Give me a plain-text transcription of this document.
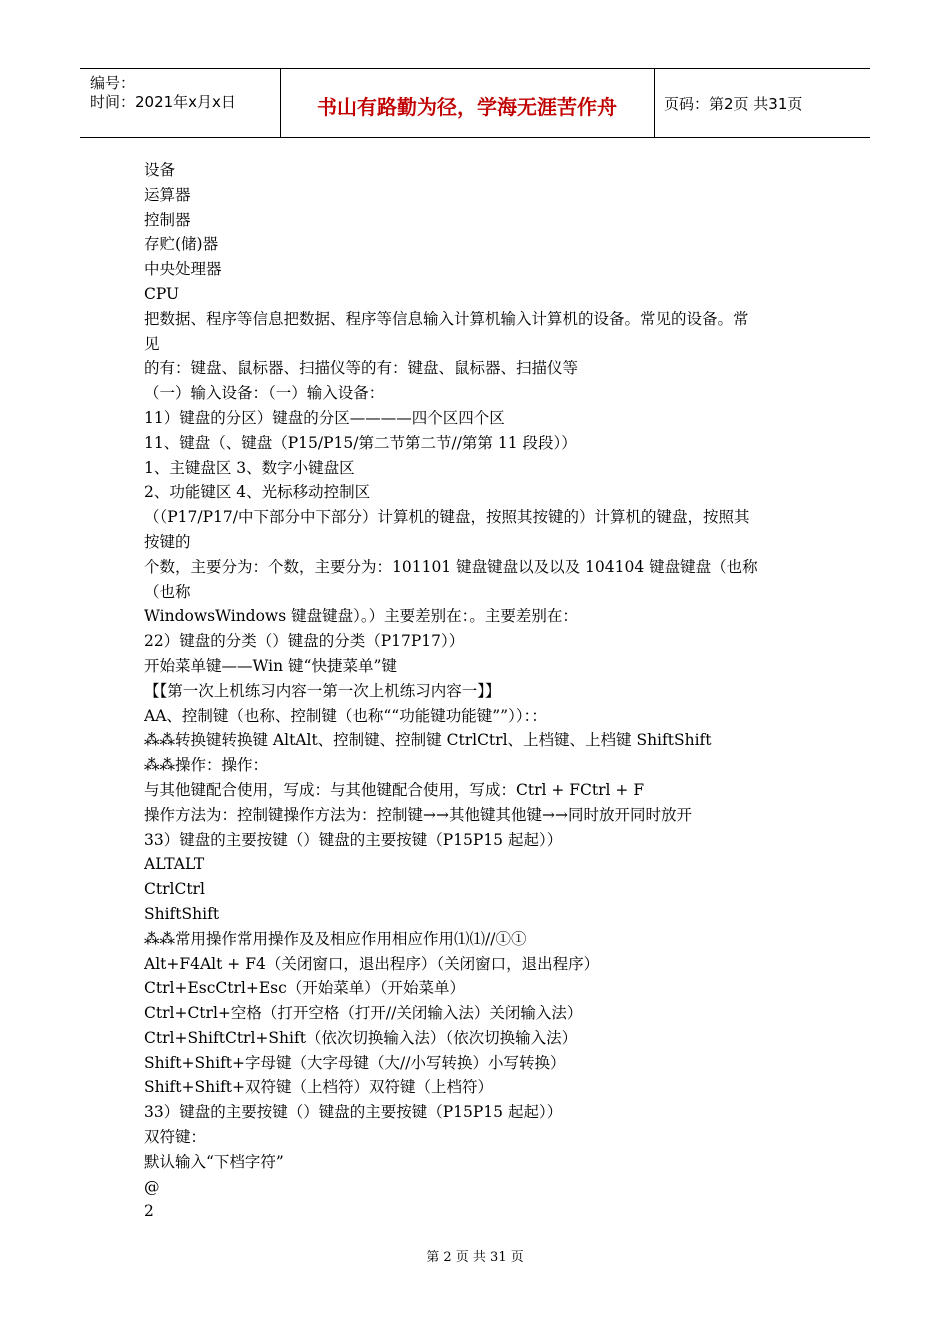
编号：
时间：2021年x月x日	书山有路勤为径，学海无涯苦作舟	页码：第2页 共31页
设备
运算器
控制器
存贮(储)器
中央处理器
CPU
把数据、程序等信息把数据、程序等信息输入计算机输入计算机的设备。常见的设备。常
见
的有：键盘、鼠标器、扫描仪等的有：键盘、鼠标器、扫描仪等
（一）输入设备：（一）输入设备：
11）键盘的分区）键盘的分区————四个区四个区
11、键盘（、键盘（P15/P15/第二节第二节//第第 11 段段））
1、主键盘区 3、数字小键盘区
2、功能键区 4、光标移动控制区
（（P17/P17/中下部分中下部分）计算机的键盘，按照其按键的）计算机的键盘，按照其
按键的
个数，主要分为：个数，主要分为：101101 键盘键盘以及以及 104104 键盘键盘（也称
（也称
WindowsWindows 键盘键盘）。）主要差别在：。主要差别在：
22）键盘的分类（）键盘的分类（P17P17））
开始菜单键——Win 键“快捷菜单”键
【【第一次上机练习内容一第一次上机练习内容一】】
AA、控制键（也称、控制键（也称““功能键功能键””））：：
⁂⁂转换键转换键 AltAlt、控制键、控制键 CtrlCtrl、上档键、上档键 ShiftShift
⁂⁂操作：操作：
与其他键配合使用，写成：与其他键配合使用，写成：Ctrl + FCtrl + F
操作方法为：控制键操作方法为：控制键→→其他键其他键→→同时放开同时放开
33）键盘的主要按键（）键盘的主要按键（P15P15 起起））
ALTALT
CtrlCtrl
ShiftShift
⁂⁂常用操作常用操作及及相应作用相应作用⑴⑴//①①
Alt+F4Alt + F4（关闭窗口，退出程序）（关闭窗口，退出程序）
Ctrl+EscCtrl+Esc（开始菜单）（开始菜单）
Ctrl+Ctrl+空格（打开空格（打开//关闭输入法）关闭输入法）
Ctrl+ShiftCtrl+Shift（依次切换输入法）（依次切换输入法）
Shift+Shift+字母键（大字母键（大//小写转换）小写转换）
Shift+Shift+双符键（上档符）双符键（上档符）
33）键盘的主要按键（）键盘的主要按键（P15P15 起起））
双符键：
默认输入“下档字符”
@
2
第 2 页 共 31 页
